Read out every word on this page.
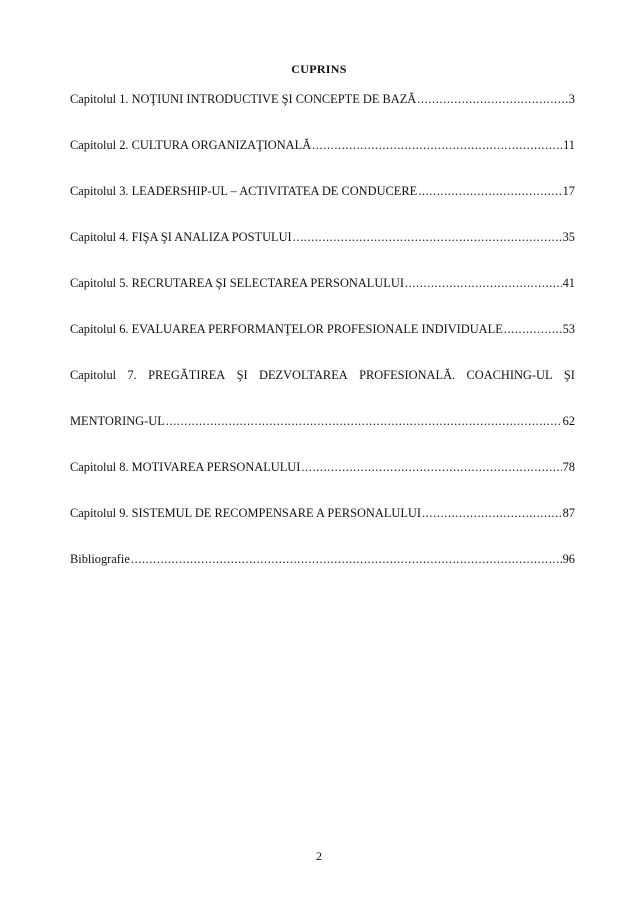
CUPRINS
Capitolul 1. NOŢIUNI INTRODUCTIVE ŞI CONCEPTE DE BAZĂ .....	3
Capitolul 2. CULTURA ORGANIZAŢIONALĂ .....	11
Capitolul 3. LEADERSHIP-UL – ACTIVITATEA DE CONDUCERE .....	17
Capitolul 4. FIŞA ŞI ANALIZA POSTULUI .....	35
Capitolul 5. RECRUTAREA ŞI SELECTAREA PERSONALULUI .....	41
Capitolul 6. EVALUAREA PERFORMANŢELOR PROFESIONALE INDIVIDUALE .....	53
Capitolul 7. PREGĂTIREA ŞI DEZVOLTAREA PROFESIONALĂ. COACHING-UL ŞI
MENTORING-UL .....	62
Capitolul 8. MOTIVAREA PERSONALULUI .....	78
Capitolul 9. SISTEMUL DE RECOMPENSARE A PERSONALULUI .....	87
Bibliografie .....	96
2
